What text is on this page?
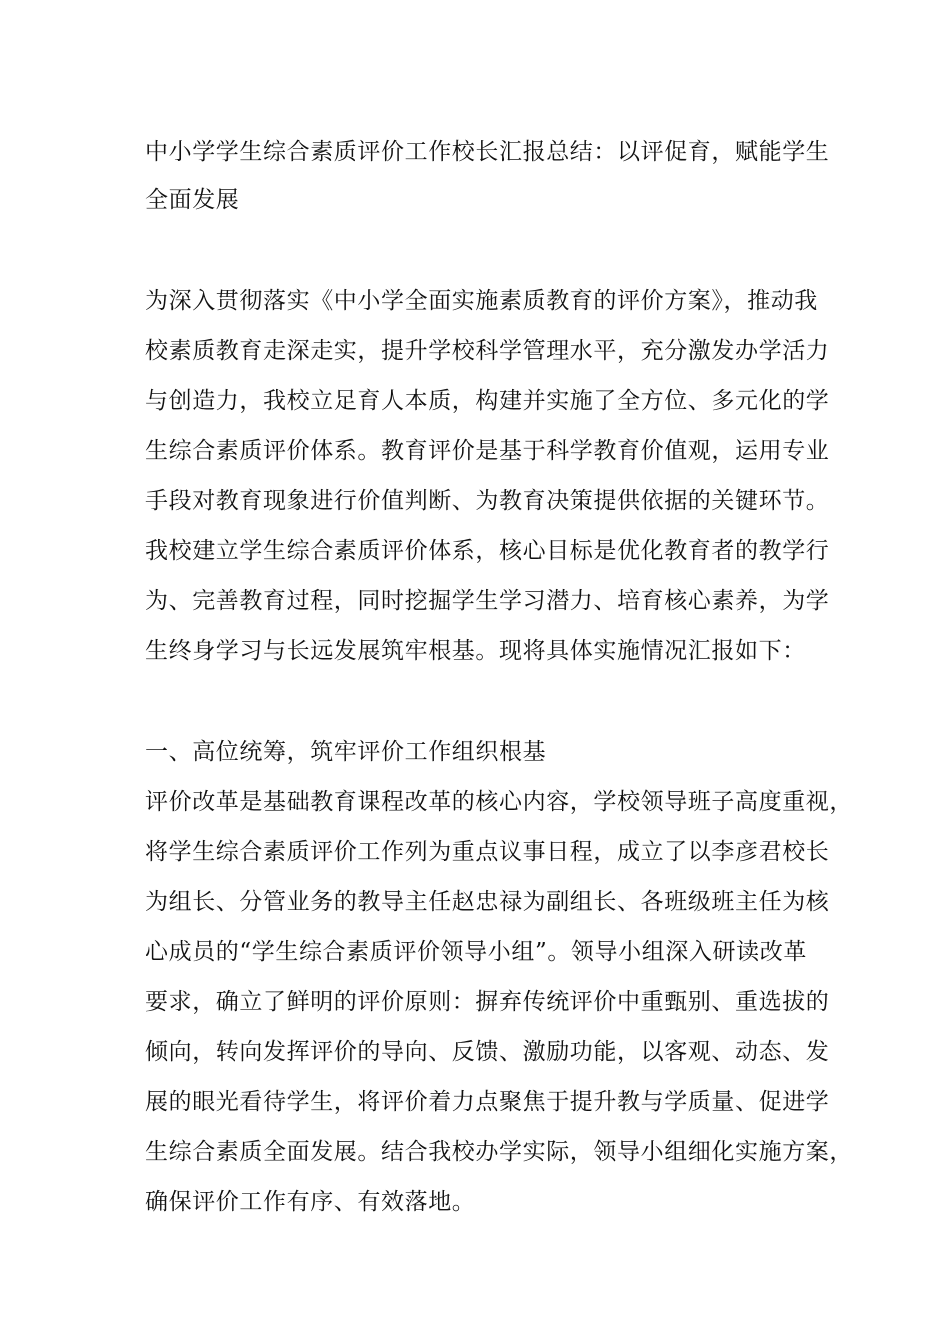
中小学学生综合素质评价工作校长汇报总结：以评促育，赋能学生
全面发展
为深入贯彻落实《中小学全面实施素质教育的评价方案》，推动我
校素质教育走深走实，提升学校科学管理水平，充分激发办学活力
与创造力，我校立足育人本质，构建并实施了全方位、多元化的学
生综合素质评价体系。教育评价是基于科学教育价值观，运用专业
手段对教育现象进行价值判断、为教育决策提供依据的关键环节。
我校建立学生综合素质评价体系，核心目标是优化教育者的教学行
为、完善教育过程，同时挖掘学生学习潜力、培育核心素养，为学
生终身学习与长远发展筑牢根基。现将具体实施情况汇报如下：
一、高位统筹，筑牢评价工作组织根基
评价改革是基础教育课程改革的核心内容，学校领导班子高度重视，
将学生综合素质评价工作列为重点议事日程，成立了以李彦君校长
为组长、分管业务的教导主任赵忠禄为副组长、各班级班主任为核
心成员的“学生综合素质评价领导小组”。领导小组深入研读改革
要求，确立了鲜明的评价原则：摒弃传统评价中重甄别、重选拔的
倾向，转向发挥评价的导向、反馈、激励功能，以客观、动态、发
展的眼光看待学生，将评价着力点聚焦于提升教与学质量、促进学
生综合素质全面发展。结合我校办学实际，领导小组细化实施方案，
确保评价工作有序、有效落地。
